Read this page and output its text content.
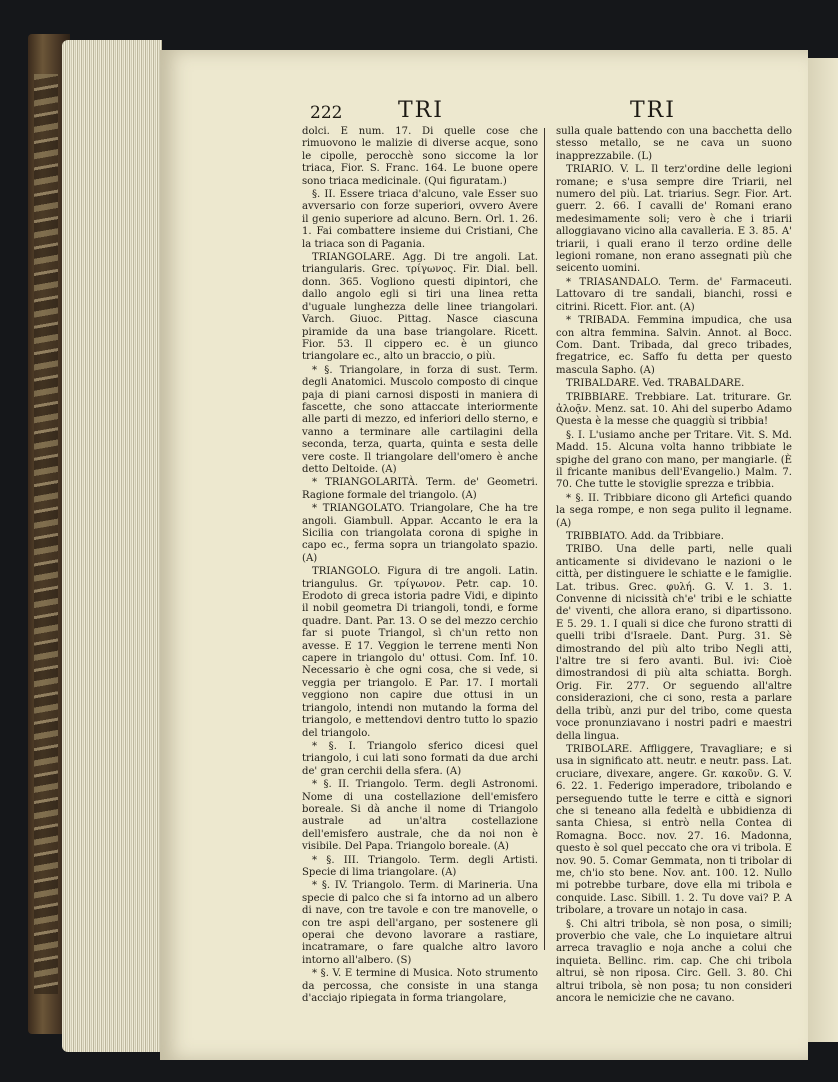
222	TRI	TRI

dolci. E num. 17. Di quelle cose che rimuovono le malizie di diverse acque, sono le cipolle, perocchè sono siccome la lor triaca, Fior. S. Franc. 164. Le buone opere sono triaca medicinale. (Qui figuratam.)

§. II. Essere triaca d'alcuno, vale Esser suo avversario con forze superiori, ovvero Avere il genio superiore ad alcuno. Bern. Orl. 1. 26. 1. Fai combattere insieme dui Cristiani, Che la triaca son di Pagania.

TRIANGOLARE. Agg. Di tre angoli. Lat. triangularis. Grec. τρίγωνος. Fir. Dial. bell. donn. 365. Vogliono questi dipintori, che dallo angolo egli si tiri una linea retta d'uguale lunghezza delle linee triangolari. Varch. Giuoc. Pittag. Nasce ciascuna piramide da una base triangolare. Ricett. Fior. 53. Il cippero ec. è un giunco triangolare ec., alto un braccio, o più.

* §. Triangolare, in forza di sust. Term. degli Anatomici. Muscolo composto di cinque paja di piani carnosi disposti in maniera di fascette, che sono attaccate interiormente alle parti di mezzo, ed inferiori dello sterno, e vanno a terminare alle cartilagini della seconda, terza, quarta, quinta e sesta delle vere coste. Il triangolare dell'omero è anche detto Deltoide. (A)

* TRIANGOLARITÀ. Term. de' Geometri. Ragione formale del triangolo. (A)

* TRIANGOLATO. Triangolare, Che ha tre angoli. Giambull. Appar. Accanto le era la Sicilia con triangolata corona di spighe in capo ec., ferma sopra un triangolato spazio. (A)

TRIANGOLO. Figura di tre angoli. Latin. triangulus. Gr. τρίγωνον. Petr. cap. 10. Erodoto di greca istoria padre Vidi, e dipinto il nobil geometra Di triangoli, tondi, e forme quadre. Dant. Par. 13. O se del mezzo cerchio far si puote Triangol, sì ch'un retto non avesse. E 17. Veggion le terrene menti Non capere in triangolo du' ottusi. Com. Inf. 10. Necessario è che ogni cosa, che si vede, si veggia per triangolo. E Par. 17. I mortali veggiono non capire due ottusi in un triangolo, intendi non mutando la forma del triangolo, e mettendovi dentro tutto lo spazio del triangolo.

* §. I. Triangolo sferico dicesi quel triangolo, i cui lati sono formati da due archi de' gran cerchii della sfera. (A)

* §. II. Triangolo. Term. degli Astronomi. Nome di una costellazione dell'emisfero boreale. Si dà anche il nome di Triangolo australe ad un'altra costellazione dell'emisfero australe, che da noi non è visibile. Del Papa. Triangolo boreale. (A)

* §. III. Triangolo. Term. degli Artisti. Specie di lima triangolare. (A)

* §. IV. Triangolo. Term. di Marineria. Una specie di palco che si fa intorno ad un albero di nave, con tre tavole e con tre manovelle, o con tre aspi dell'argano, per sostenere gli operai che devono lavorare a rastiare, incatramare, o fare qualche altro lavoro intorno all'albero. (S)

* §. V. E termine di Musica. Noto strumento da percossa, che consiste in una stanga d'acciajo ripiegata in forma triangolare,

sulla quale battendo con una bacchetta dello stesso metallo, se ne cava un suono inapprezzabile. (L)

TRIARIO. V. L. Il terz'ordine delle legioni romane; e s'usa sempre dire Triarii, nel numero del più. Lat. triarius. Segr. Fior. Art. guerr. 2. 66. I cavalli de' Romani erano medesimamente soli; vero è che i triarii alloggiavano vicino alla cavalleria. E 3. 85. A' triarii, i quali erano il terzo ordine delle legioni romane, non erano assegnati più che seicento uomini.

* TRIASANDALO. Term. de' Farmaceuti. Lattovaro di tre sandali, bianchi, rossi e citrini. Ricett. Fior. ant. (A)

* TRIBADA. Femmina impudica, che usa con altra femmina. Salvin. Annot. al Bocc. Com. Dant. Tribada, dal greco tribades, fregatrice, ec. Saffo fu detta per questo mascula Sapho. (A)

TRIBALDARE. Ved. TRABALDARE.

TRIBBIARE. Trebbiare. Lat. triturare. Gr. ἀλοᾷν. Menz. sat. 10. Ahi del superbo Adamo Questa è la messe che quaggiù si tribbia!

§. I. L'usiamo anche per Tritare. Vit. S. Md. Madd. 15. Alcuna volta hanno tribbiate le spighe del grano con mano, per mangiarle. (È il fricante manibus dell'Evangelio.) Malm. 7. 70. Che tutte le stoviglie sprezza e tribbia.

* §. II. Tribbiare dicono gli Artefici quando la sega rompe, e non sega pulito il legname. (A)

TRIBBIATO. Add. da Tribbiare.

TRIBO. Una delle parti, nelle quali anticamente si dividevano le nazioni o le città, per distinguere le schiatte e le famiglie. Lat. tribus. Grec. φυλή. G. V. 1. 3. 1. Convenne di nicissità ch'e' tribi e le schiatte de' viventi, che allora erano, si dipartissono. E 5. 29. 1. I quali si dice che furono stratti di quelli tribi d'Israele. Dant. Purg. 31. Sè dimostrando del più alto tribo Negli atti, l'altre tre si fero avanti. Bul. ivi: Cioè dimostrandosi di più alta schiatta. Borgh. Orig. Fir. 277. Or seguendo all'altre considerazioni, che ci sono, resta a parlare della tribù, anzi pur del tribo, come questa voce pronunziavano i nostri padri e maestri della lingua.

TRIBOLARE. Affliggere, Travagliare; e si usa in significato att. neutr. e neutr. pass. Lat. cruciare, divexare, angere. Gr. κακοῦν. G. V. 6. 22. 1. Federigo imperadore, tribolando e perseguendo tutte le terre e città e signori che si teneano alla fedeltà e ubbidienza di santa Chiesa, si entrò nella Contea di Romagna. Bocc. nov. 27. 16. Madonna, questo è sol quel peccato che ora vi tribola. E nov. 90. 5. Comar Gemmata, non ti tribolar di me, ch'io sto bene. Nov. ant. 100. 12. Nullo mi potrebbe turbare, dove ella mi tribola e conquide. Lasc. Sibill. 1. 2. Tu dove vai? P. A tribolare, a trovare un notajo in casa.

§. Chi altri tribola, sè non posa, o simili; proverbio che vale, che Lo inquietare altrui arreca travaglio e noja anche a colui che inquieta. Bellinc. rim. cap. Che chi tribola altrui, sè non riposa. Circ. Gell. 3. 80. Chi altrui tribola, sè non posa; tu non consideri ancora le nemicizie che ne cavano.
